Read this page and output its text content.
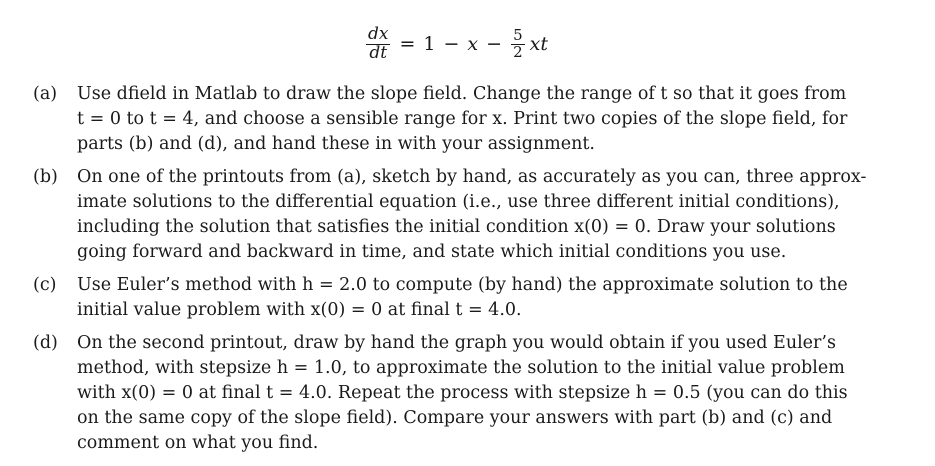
$\frac{dx}{dt} = 1 - x - \frac{5}{2}$ xt
(a)	Use dfield in Matlab to draw the slope field. Change the range of t so that it goes from
t = 0 to t = 4, and choose a sensible range for x. Print two copies of the slope field, for
parts (b) and (d), and hand these in with your assignment.
(b)	On one of the printouts from (a), sketch by hand, as accurately as you can, three approx-
imate solutions to the differential equation (i.e., use three different initial conditions),
including the solution that satisfies the initial condition x(0) = 0. Draw your solutions
going forward and backward in time, and state which initial conditions you use.
(c)	Use Euler’s method with h = 2.0 to compute (by hand) the approximate solution to the
initial value problem with x(0) = 0 at final t = 4.0.
(d)	On the second printout, draw by hand the graph you would obtain if you used Euler’s
method, with stepsize h = 1.0, to approximate the solution to the initial value problem
with x(0) = 0 at final t = 4.0. Repeat the process with stepsize h = 0.5 (you can do this
on the same copy of the slope field). Compare your answers with part (b) and (c) and
comment on what you find.
